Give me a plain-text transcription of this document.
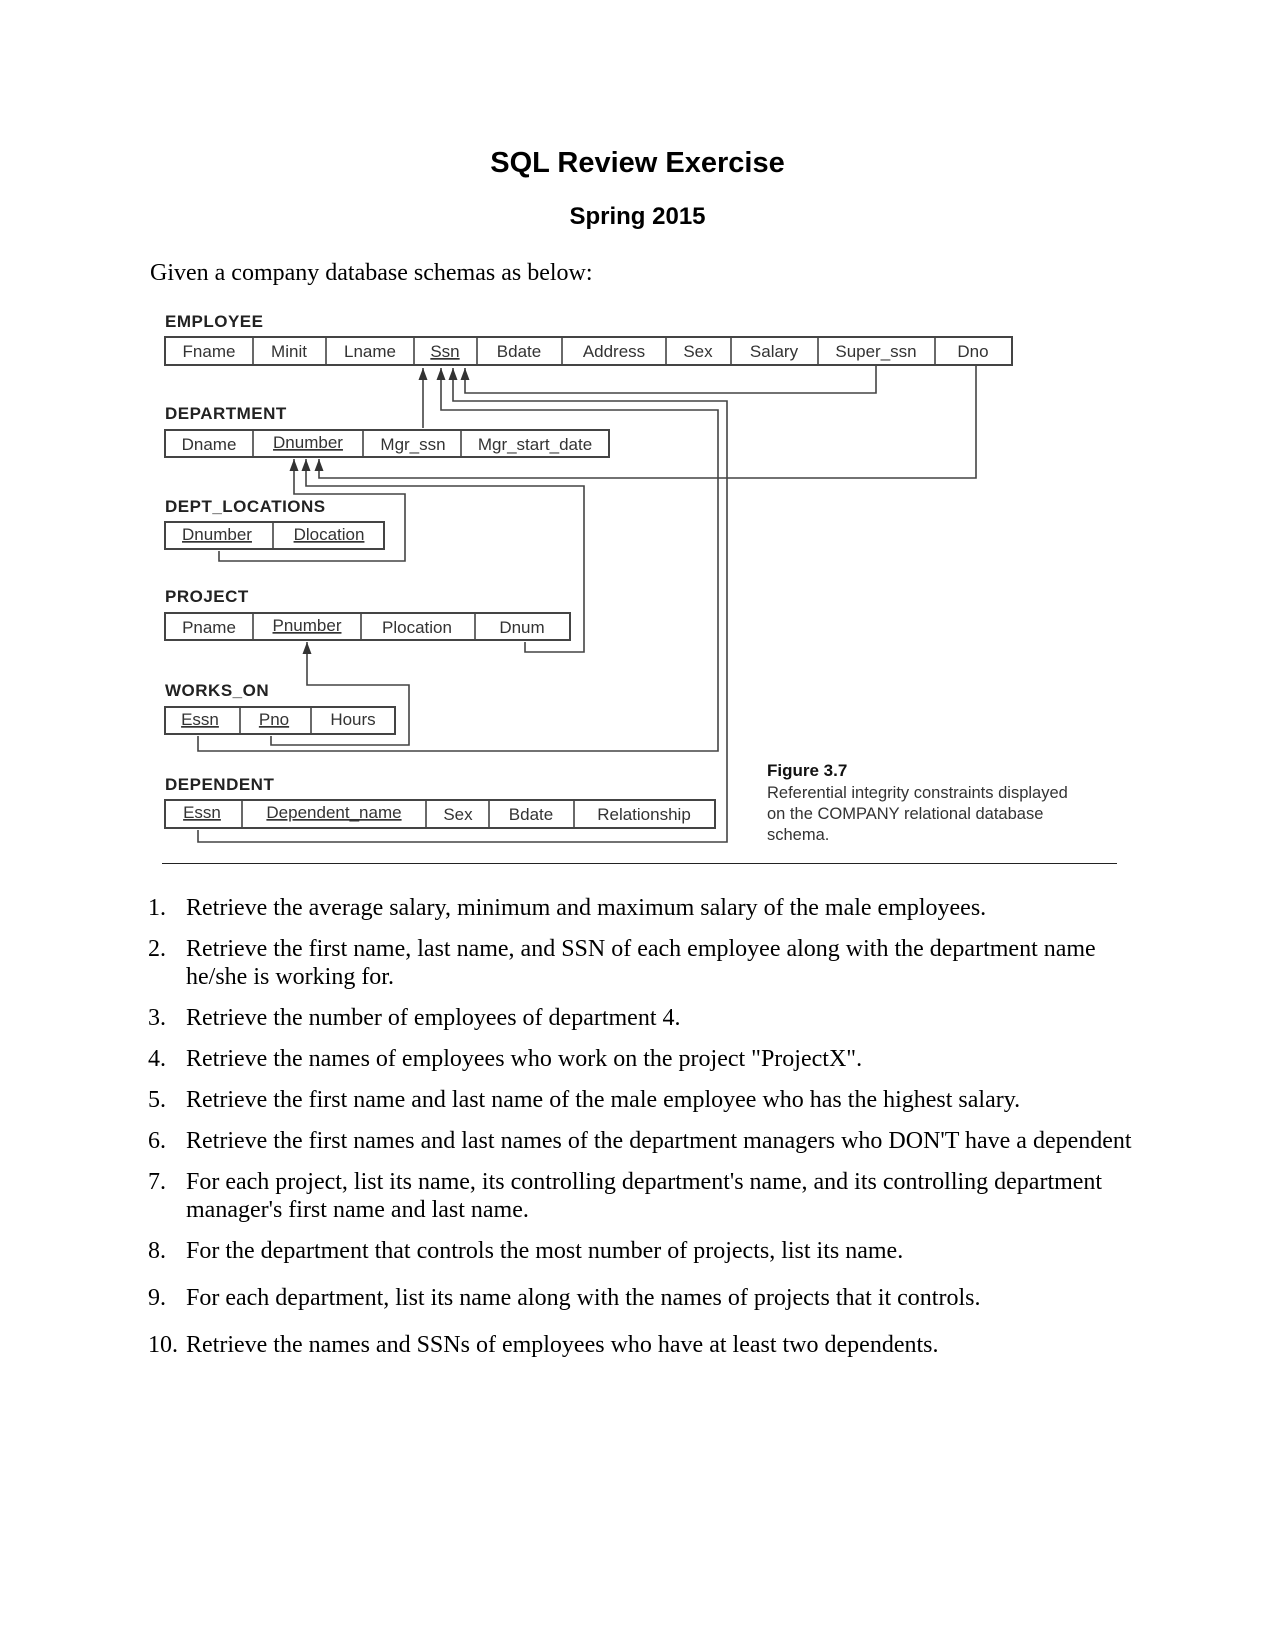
SQL Review Exercise
Spring 2015
Given a company database schemas as below:
EMPLOYEE
Fname Minit Lname Ssn Bdate Address Sex Salary Super_ssn Dno
DEPARTMENT
Dname Dnumber Mgr_ssn Mgr_start_date
DEPT_LOCATIONS
Dnumber Dlocation
PROJECT
Pname Pnumber Plocation	Dnum
WORKS_ON
Essn Pno Hours
DEPENDENT
Essn	Dependent_name Sex Bdate	Relationship
Figure 3.7
Referential integrity constraints displayed
on the COMPANY relational database
schema.
1. Retrieve the average salary, minimum and maximum salary of the male employees.
2. Retrieve the first name, last name, and SSN of each employee along with the department name he/she is working for.
3. Retrieve the number of employees of department 4.
4. Retrieve the names of employees who work on the project "ProjectX".
5. Retrieve the first name and last name of the male employee who has the highest salary.
6. Retrieve the first names and last names of the department managers who DON'T have a dependent
7. For each project, list its name, its controlling department's name, and its controlling department manager's first name and last name.
8. For the department that controls the most number of projects, list its name.
9. For each department, list its name along with the names of projects that it controls.
10. Retrieve the names and SSNs of employees who have at least two dependents.
